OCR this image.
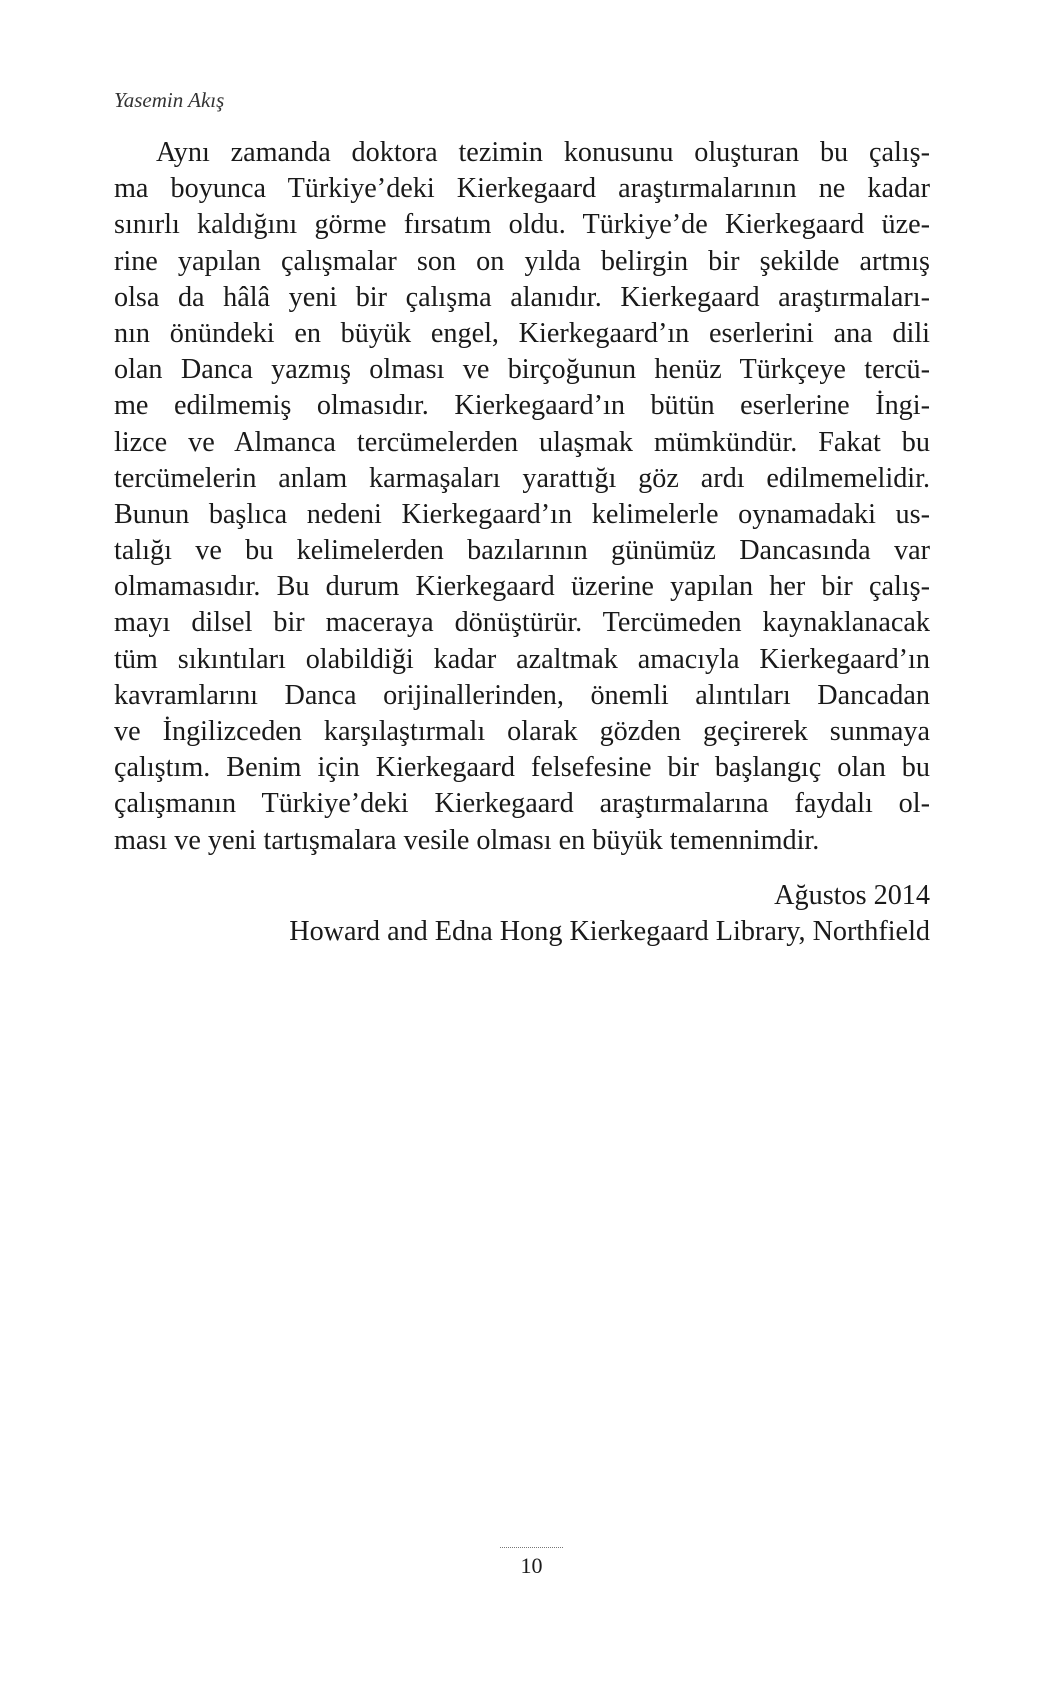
Yasemin Akış
Aynı zamanda doktora tezimin konusunu oluşturan bu çalış-
ma boyunca Türkiye’deki Kierkegaard araştırmalarının ne kadar
sınırlı kaldığını görme fırsatım oldu. Türkiye’de Kierkegaard üze-
rine yapılan çalışmalar son on yılda belirgin bir şekilde artmış
olsa da hâlâ yeni bir çalışma alanıdır. Kierkegaard araştırmaları-
nın önündeki en büyük engel, Kierkegaard’ın eserlerini ana dili
olan Danca yazmış olması ve birçoğunun henüz Türkçeye tercü-
me edilmemiş olmasıdır. Kierkegaard’ın bütün eserlerine İngi-
lizce ve Almanca tercümelerden ulaşmak mümkündür. Fakat bu
tercümelerin anlam karmaşaları yarattığı göz ardı edilmemelidir.
Bunun başlıca nedeni Kierkegaard’ın kelimelerle oynamadaki us-
talığı ve bu kelimelerden bazılarının günümüz Dancasında var
olmamasıdır. Bu durum Kierkegaard üzerine yapılan her bir çalış-
mayı dilsel bir maceraya dönüştürür. Tercümeden kaynaklanacak
tüm sıkıntıları olabildiği kadar azaltmak amacıyla Kierkegaard’ın
kavramlarını Danca orijinallerinden, önemli alıntıları Dancadan
ve İngilizceden karşılaştırmalı olarak gözden geçirerek sunmaya
çalıştım. Benim için Kierkegaard felsefesine bir başlangıç olan bu
çalışmanın Türkiye’deki Kierkegaard araştırmalarına faydalı ol-
ması ve yeni tartışmalara vesile olması en büyük temennimdir.
Ağustos 2014
Howard and Edna Hong Kierkegaard Library, Northfield
10
